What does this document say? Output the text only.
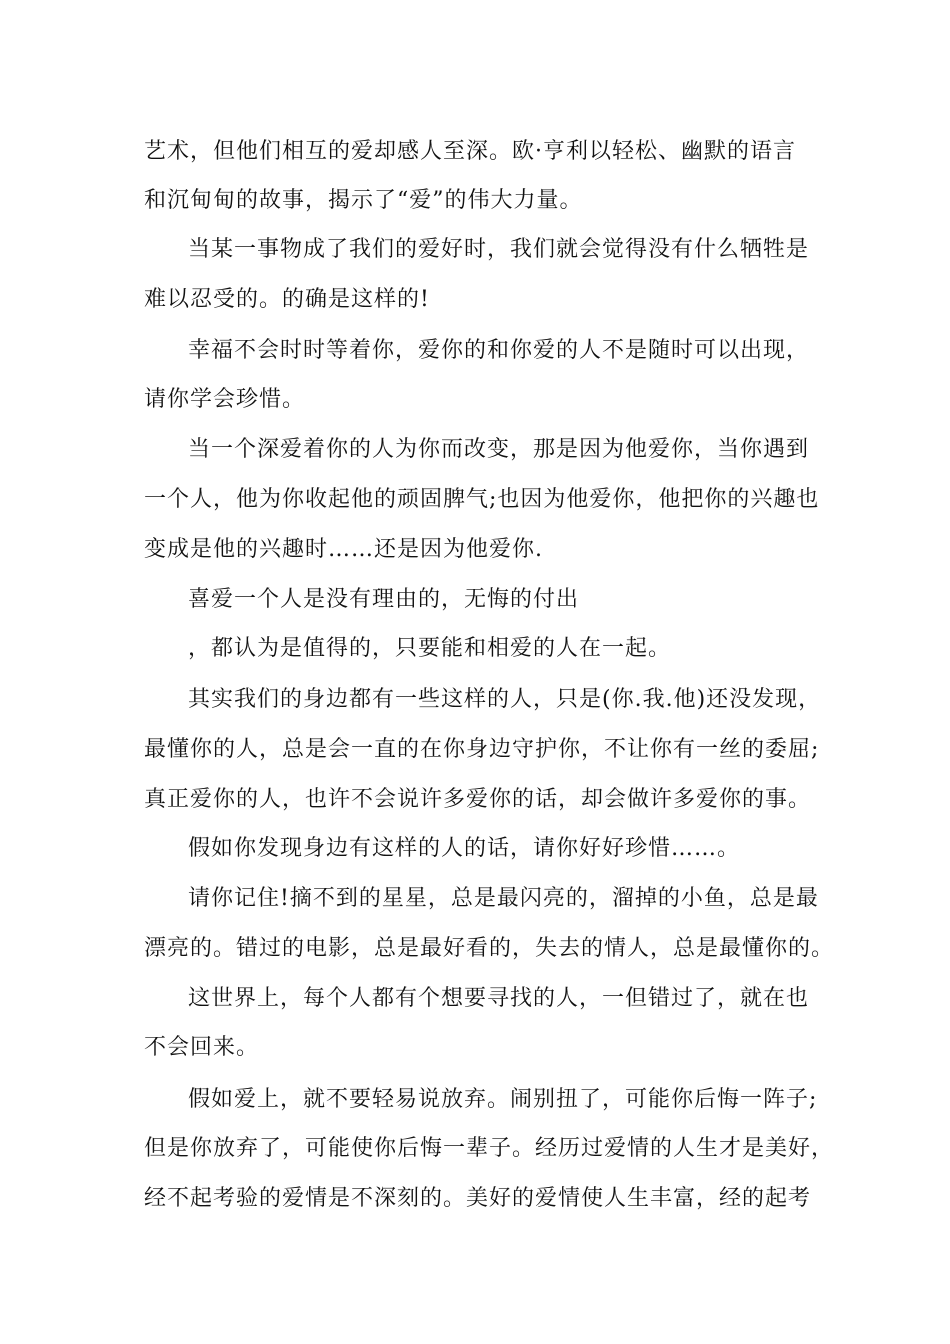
艺术，但他们相互的爱却感人至深。欧·亨利以轻松、幽默的语言
和沉甸甸的故事，揭示了“爱”的伟大力量。
当某一事物成了我们的爱好时，我们就会觉得没有什么牺牲是
难以忍受的。的确是这样的!
幸福不会时时等着你，爱你的和你爱的人不是随时可以出现，
请你学会珍惜。
当一个深爱着你的人为你而改变，那是因为他爱你，当你遇到
一个人，他为你收起他的顽固脾气;也因为他爱你，他把你的兴趣也
变成是他的兴趣时……还是因为他爱你.
喜爱一个人是没有理由的，无悔的付出
，都认为是值得的，只要能和相爱的人在一起。
其实我们的身边都有一些这样的人，只是(你.我.他)还没发现，
最懂你的人，总是会一直的在你身边守护你，不让你有一丝的委屈;
真正爱你的人，也许不会说许多爱你的话，却会做许多爱你的事。
假如你发现身边有这样的人的话，请你好好珍惜……。
请你记住!摘不到的星星，总是最闪亮的，溜掉的小鱼，总是最
漂亮的。错过的电影，总是最好看的，失去的情人，总是最懂你的。
这世界上，每个人都有个想要寻找的人，一但错过了，就在也
不会回来。
假如爱上，就不要轻易说放弃。闹别扭了，可能你后悔一阵子;
但是你放弃了，可能使你后悔一辈子。经历过爱情的人生才是美好，
经不起考验的爱情是不深刻的。美好的爱情使人生丰富，经的起考
